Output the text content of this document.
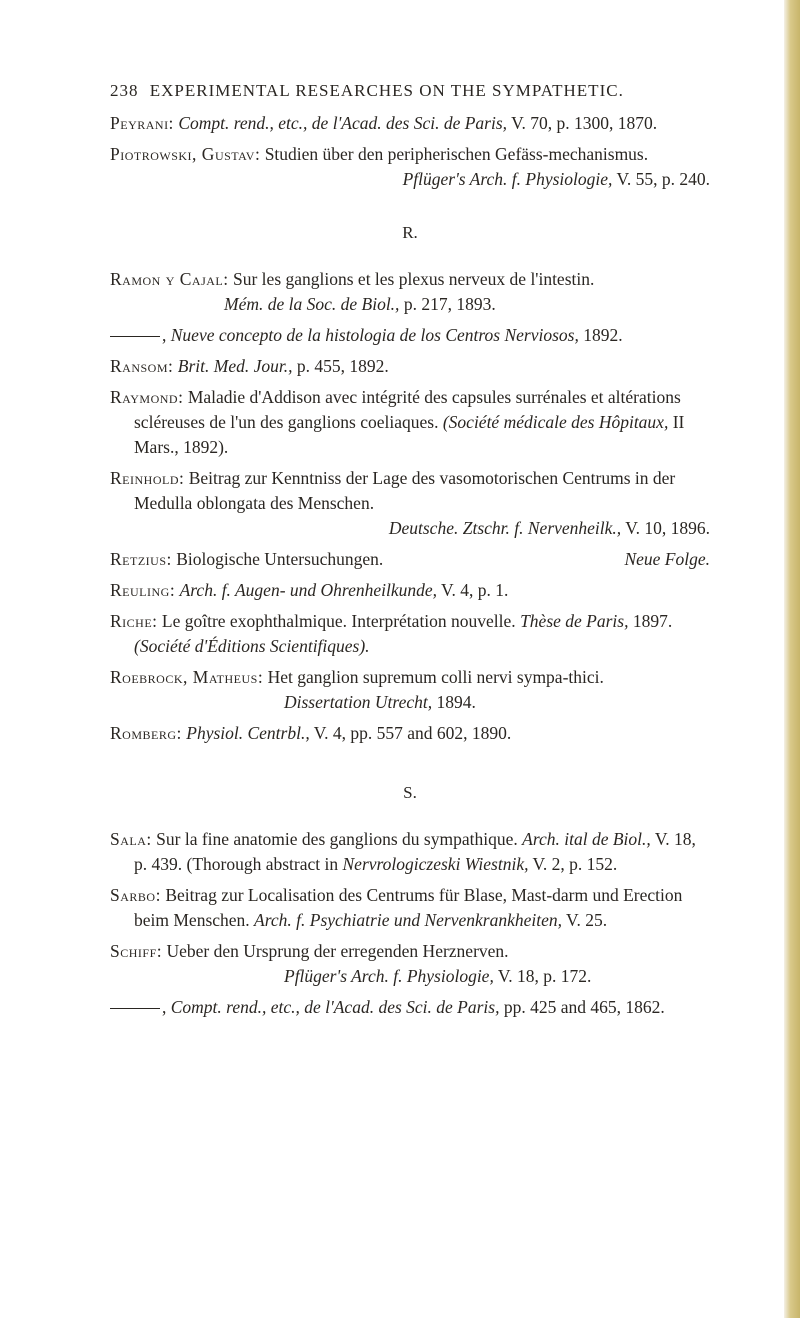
238 EXPERIMENTAL RESEARCHES ON THE SYMPATHETIC.

Peyrani: Compt. rend., etc., de l'Acad. des Sci. de Paris, V. 70, p. 1300, 1870.

Piotrowski, Gustav: Studien über den peripherischen Gefäss-mechanismus.
Pflüger's Arch. f. Physiologie, V. 55, p. 240.

R.

Ramon y Cajal: Sur les ganglions et les plexus nerveux de l'intestin. Mém. de la Soc. de Biol., p. 217, 1893.

, Nueve concepto de la histologia de los Centros Nerviosos, 1892.

Ransom: Brit. Med. Jour., p. 455, 1892.

Raymond: Maladie d'Addison avec intégrité des capsules surrénales et altérations scléreuses de l'un des ganglions coeliaques. (Société médicale des Hôpitaux, II Mars., 1892).

Reinhold: Beitrag zur Kenntniss der Lage des vasomotorischen Centrums in der Medulla oblongata des Menschen.
Deutsche. Ztschr. f. Nervenheilk., V. 10, 1896.

Retzius: Biologische Untersuchungen.	Neue Folge.

Reuling: Arch. f. Augen- und Ohrenheilkunde, V. 4, p. 1.

Riche: Le goître exophthalmique. Interprétation nouvelle. Thèse de Paris, 1897. (Société d'Éditions Scientifiques).

Roebrock, Matheus: Het ganglion supremum colli nervi sympa-thici. Dissertation Utrecht, 1894.

Romberg: Physiol. Centrbl., V. 4, pp. 557 and 602, 1890.

S.

Sala: Sur la fine anatomie des ganglions du sympathique. Arch. ital de Biol., V. 18, p. 439. (Thorough abstract in Nervrologiczeski Wiestnik, V. 2, p. 152.

Sarbo: Beitrag zur Localisation des Centrums für Blase, Mast-darm und Erection beim Menschen. Arch. f. Psychiatrie und Nervenkrankheiten, V. 25.

Schiff: Ueber den Ursprung der erregenden Herznerven. Pflüger's Arch. f. Physiologie, V. 18, p. 172.

, Compt. rend., etc., de l'Acad. des Sci. de Paris, pp. 425 and 465, 1862.
